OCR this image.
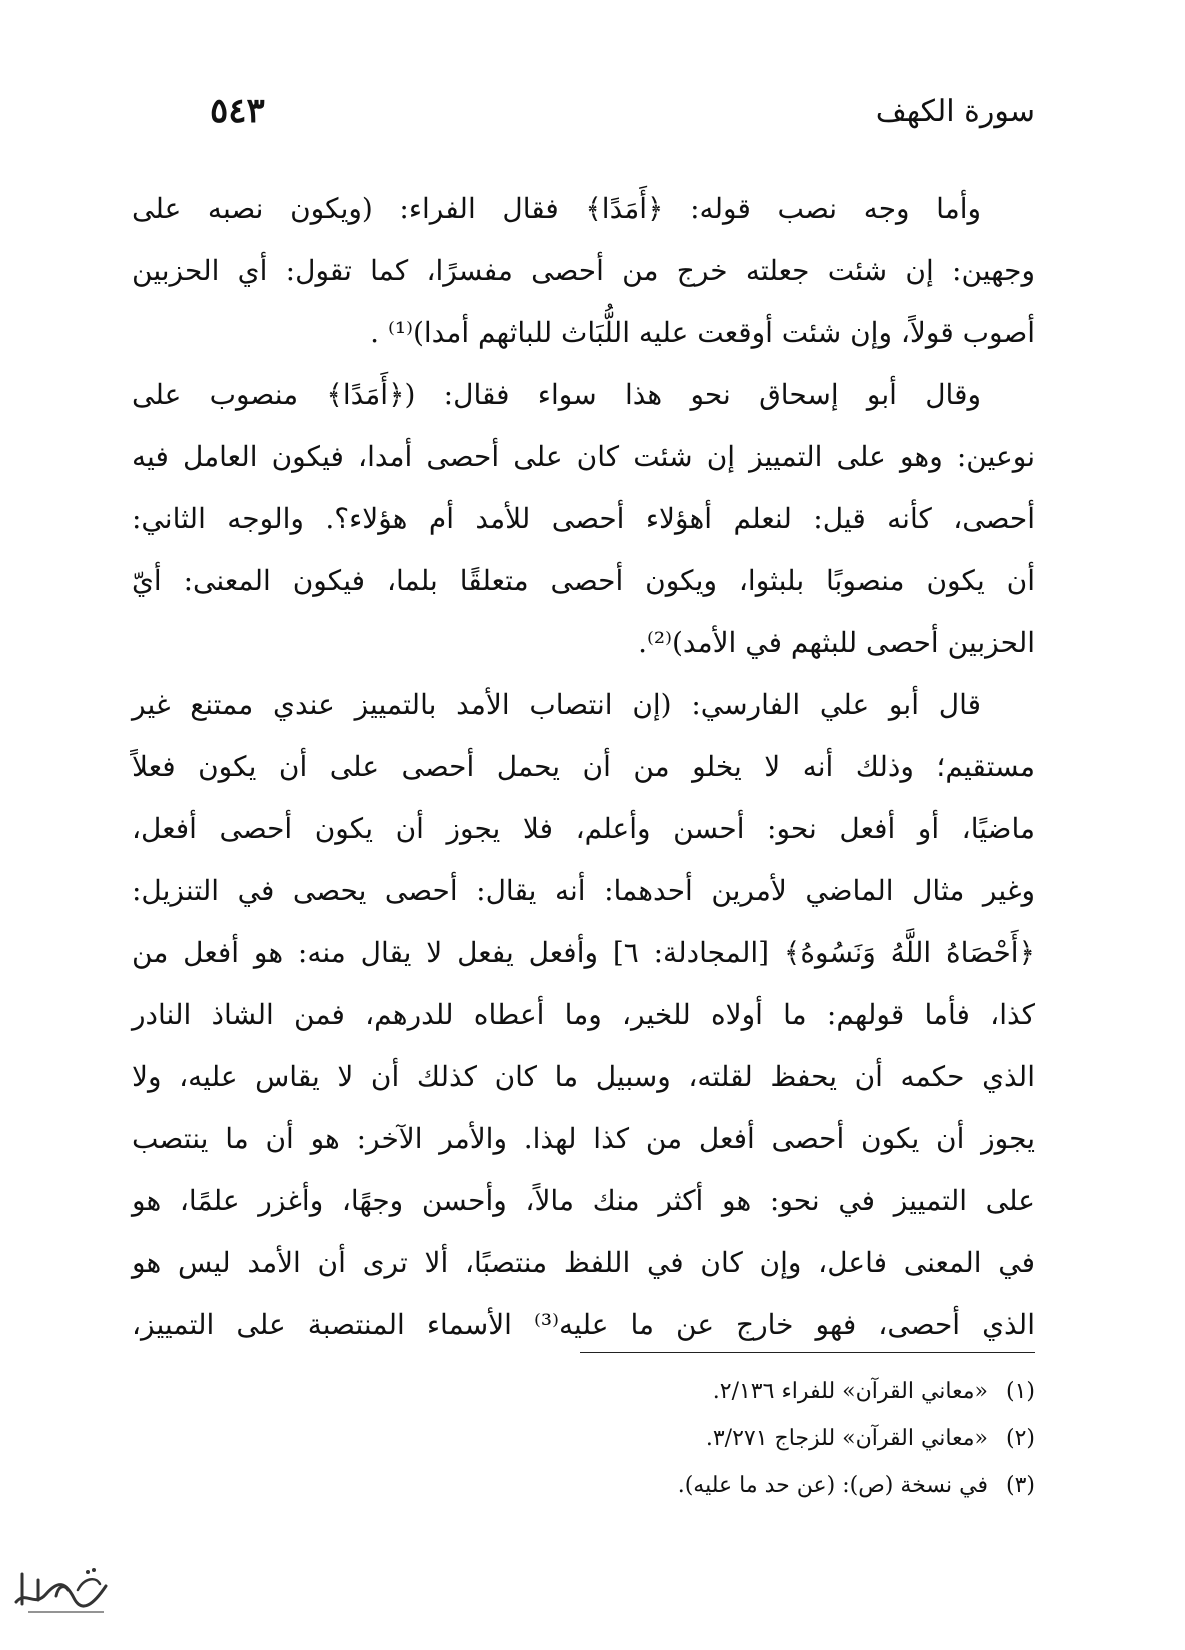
سورة الكهف
٥٤٣
وأما وجه نصب قوله: ﴿أَمَدًا﴾ فقال الفراء: (ويكون نصبه على
وجهين: إن شئت جعلته خرج من أحصى مفسرًا، كما تقول: أي الحزبين
أصوب قولاً، وإن شئت أوقعت عليه اللُّبَاث للباثهم أمدا)⁽¹⁾ .
وقال أبو إسحاق نحو هذا سواء فقال: (﴿أَمَدًا﴾ منصوب على
نوعين: وهو على التمييز إن شئت كان على أحصى أمدا، فيكون العامل فيه
أحصى، كأنه قيل: لنعلم أهؤلاء أحصى للأمد أم هؤلاء؟. والوجه الثاني:
أن يكون منصوبًا بلبثوا، ويكون أحصى متعلقًا بلما، فيكون المعنى: أيّ
الحزبين أحصى للبثهم في الأمد)⁽²⁾.
قال أبو علي الفارسي: (إن انتصاب الأمد بالتمييز عندي ممتنع غير
مستقيم؛ وذلك أنه لا يخلو من أن يحمل أحصى على أن يكون فعلاً
ماضيًا، أو أفعل نحو: أحسن وأعلم، فلا يجوز أن يكون أحصى أفعل،
وغير مثال الماضي لأمرين أحدهما: أنه يقال: أحصى يحصى في التنزيل:
﴿أَحْصَاهُ اللَّهُ وَنَسُوهُ﴾ [المجادلة: ٦] وأفعل يفعل لا يقال منه: هو أفعل من
كذا، فأما قولهم: ما أولاه للخير، وما أعطاه للدرهم، فمن الشاذ النادر
الذي حكمه أن يحفظ لقلته، وسبيل ما كان كذلك أن لا يقاس عليه، ولا
يجوز أن يكون أحصى أفعل من كذا لهذا. والأمر الآخر: هو أن ما ينتصب
على التمييز في نحو: هو أكثر منك مالاً، وأحسن وجهًا، وأغزر علمًا، هو
في المعنى فاعل، وإن كان في اللفظ منتصبًا، ألا ترى أن الأمد ليس هو
الذي أحصى، فهو خارج عن ما عليه⁽³⁾ الأسماء المنتصبة على التمييز،
(١)«معاني القرآن» للفراء ٢/١٣٦.
(٢)«معاني القرآن» للزجاج ٣/٢٧١.
(٣)في نسخة (ص): (عن حد ما عليه).
